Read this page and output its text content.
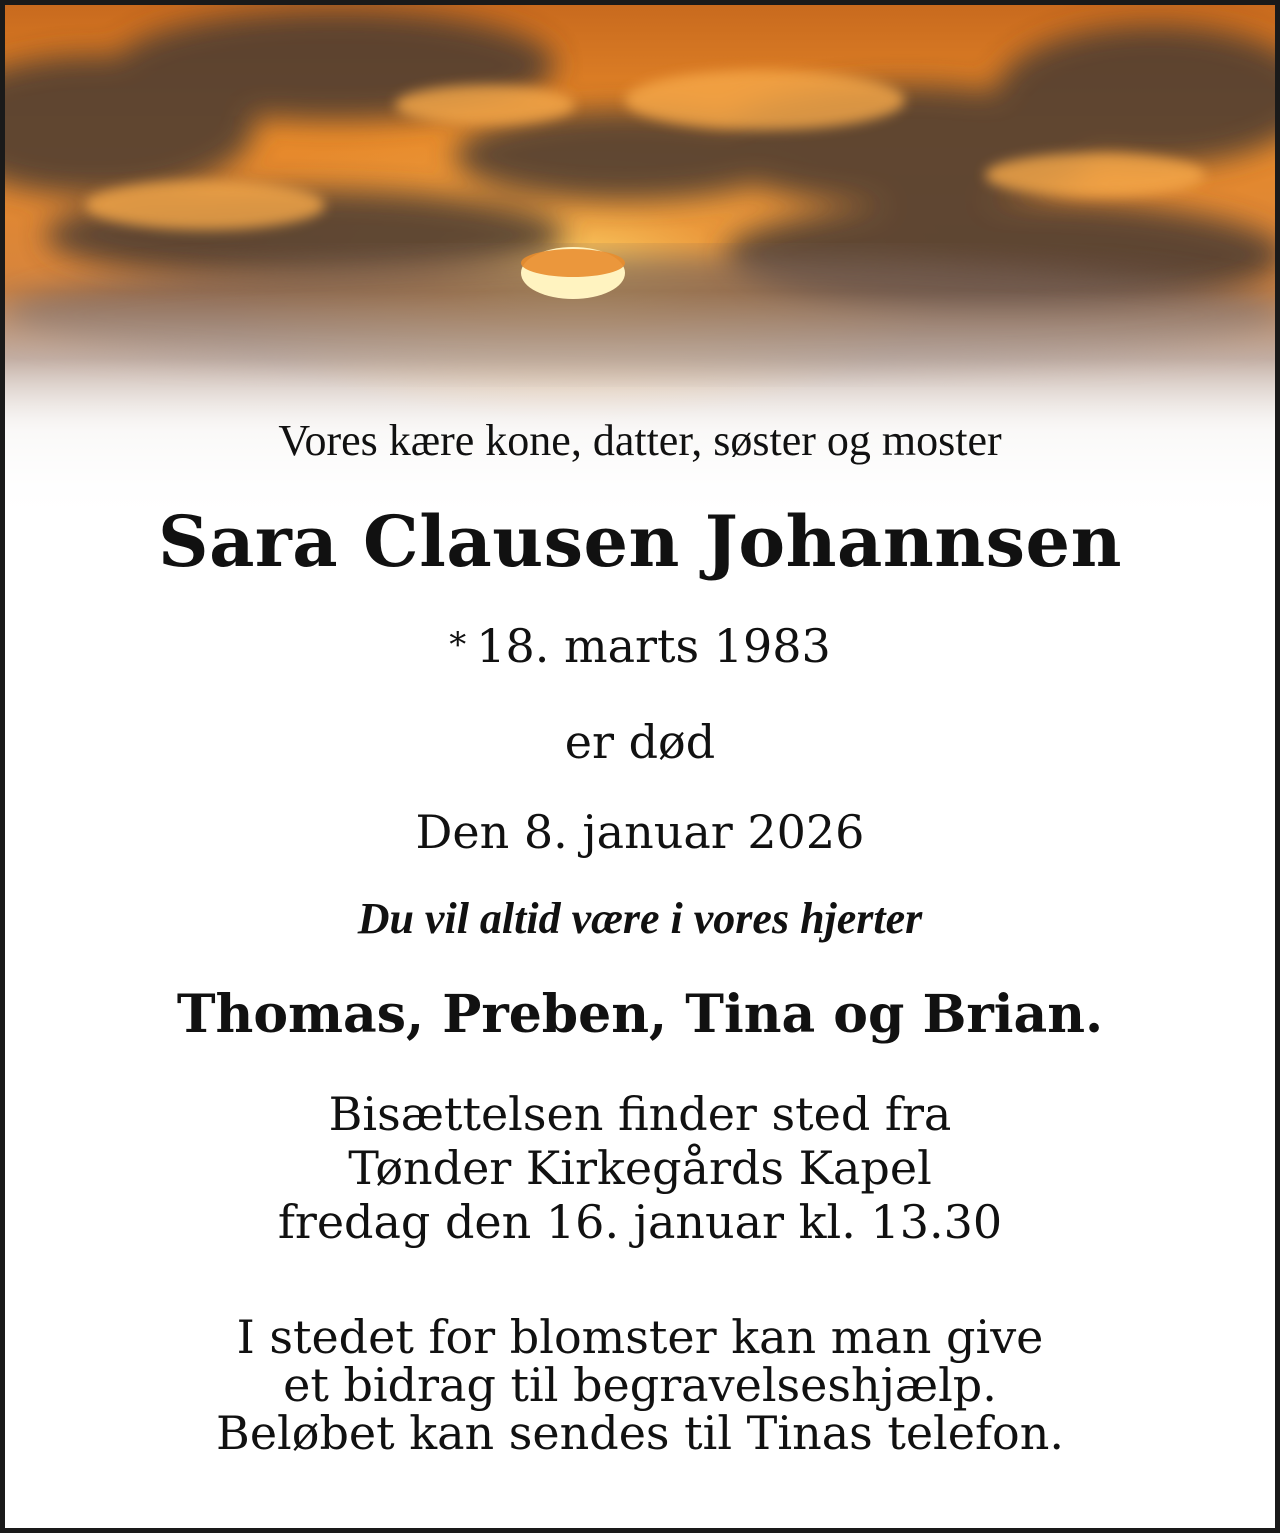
Vores kære kone, datter, søster og moster
Sara Clausen Johannsen
* 18. marts 1983
er død
Den 8. januar 2026
Du vil altid være i vores hjerter
Thomas, Preben, Tina og Brian.
Bisættelsen finder sted fra
Tønder Kirkegårds Kapel
fredag den 16. januar kl. 13.30
I stedet for blomster kan man give
et bidrag til begravelseshjælp.
Beløbet kan sendes til Tinas telefon.
